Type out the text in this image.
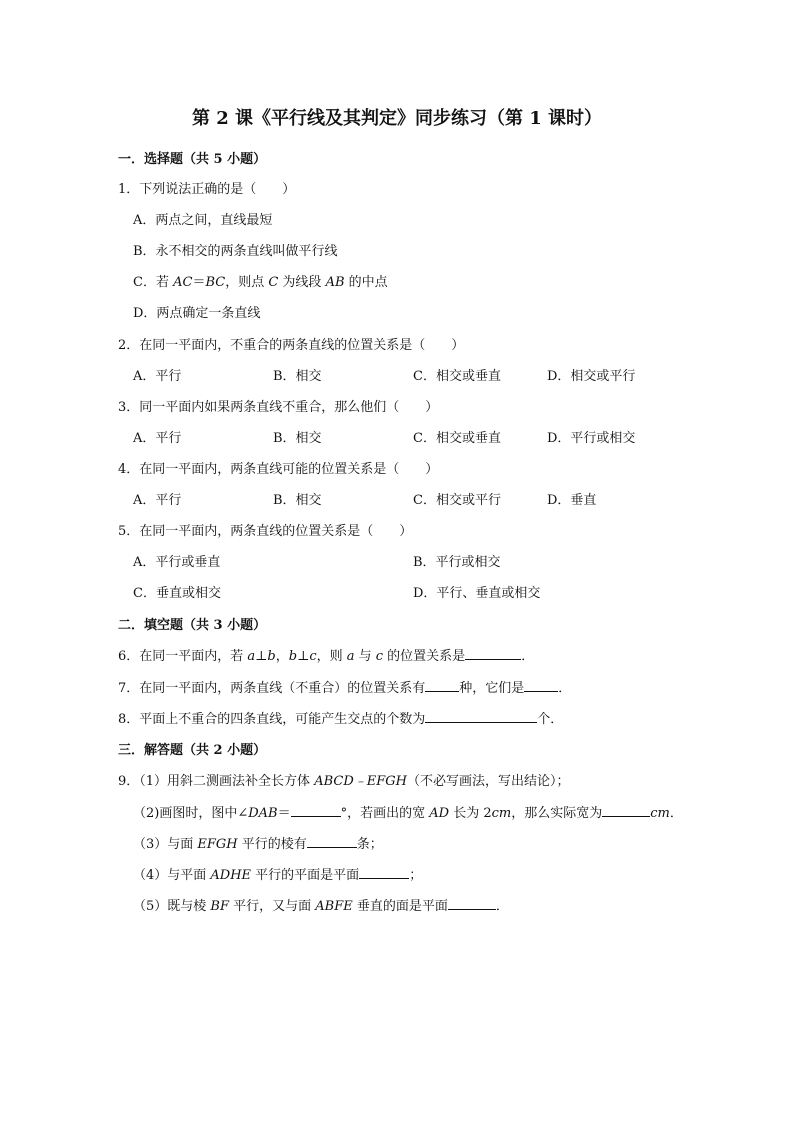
第 2 课《平行线及其判定》同步练习（第 1 课时）
一．选择题（共 5 小题）
1．下列说法正确的是（　　）
A．两点之间，直线最短
B．永不相交的两条直线叫做平行线
C．若 AC＝BC，则点 C 为线段 AB 的中点
D．两点确定一条直线
2．在同一平面内，不重合的两条直线的位置关系是（　　）
A．平行	B．相交	C．相交或垂直	D．相交或平行
3．同一平面内如果两条直线不重合，那么他们（　　）
A．平行	B．相交	C．相交或垂直	D．平行或相交
4．在同一平面内，两条直线可能的位置关系是（　　）
A．平行	B．相交	C．相交或平行	D．垂直
5．在同一平面内，两条直线的位置关系是（　　）
A．平行或垂直	B．平行或相交
C．垂直或相交	D．平行、垂直或相交
二．填空题（共 3 小题）
6．在同一平面内，若 a⊥b，b⊥c，则 a 与 c 的位置关系是	．
7．在同一平面内，两条直线（不重合）的位置关系有	种，它们是	．
8．平面上不重合的四条直线，可能产生交点的个数为	个．
三．解答题（共 2 小题）
9．（1）用斜二测画法补全长方体 ABCD﹣EFGH（不必写画法，写出结论）；
（2)画图时，图中∠DAB＝	°，若画出的宽 AD 长为 2cm，那么实际宽为	cm．
（3）与面 EFGH 平行的棱有	条；
（4）与平面 ADHE 平行的平面是平面	；
（5）既与棱 BF 平行，又与面 ABFE 垂直的面是平面	．
